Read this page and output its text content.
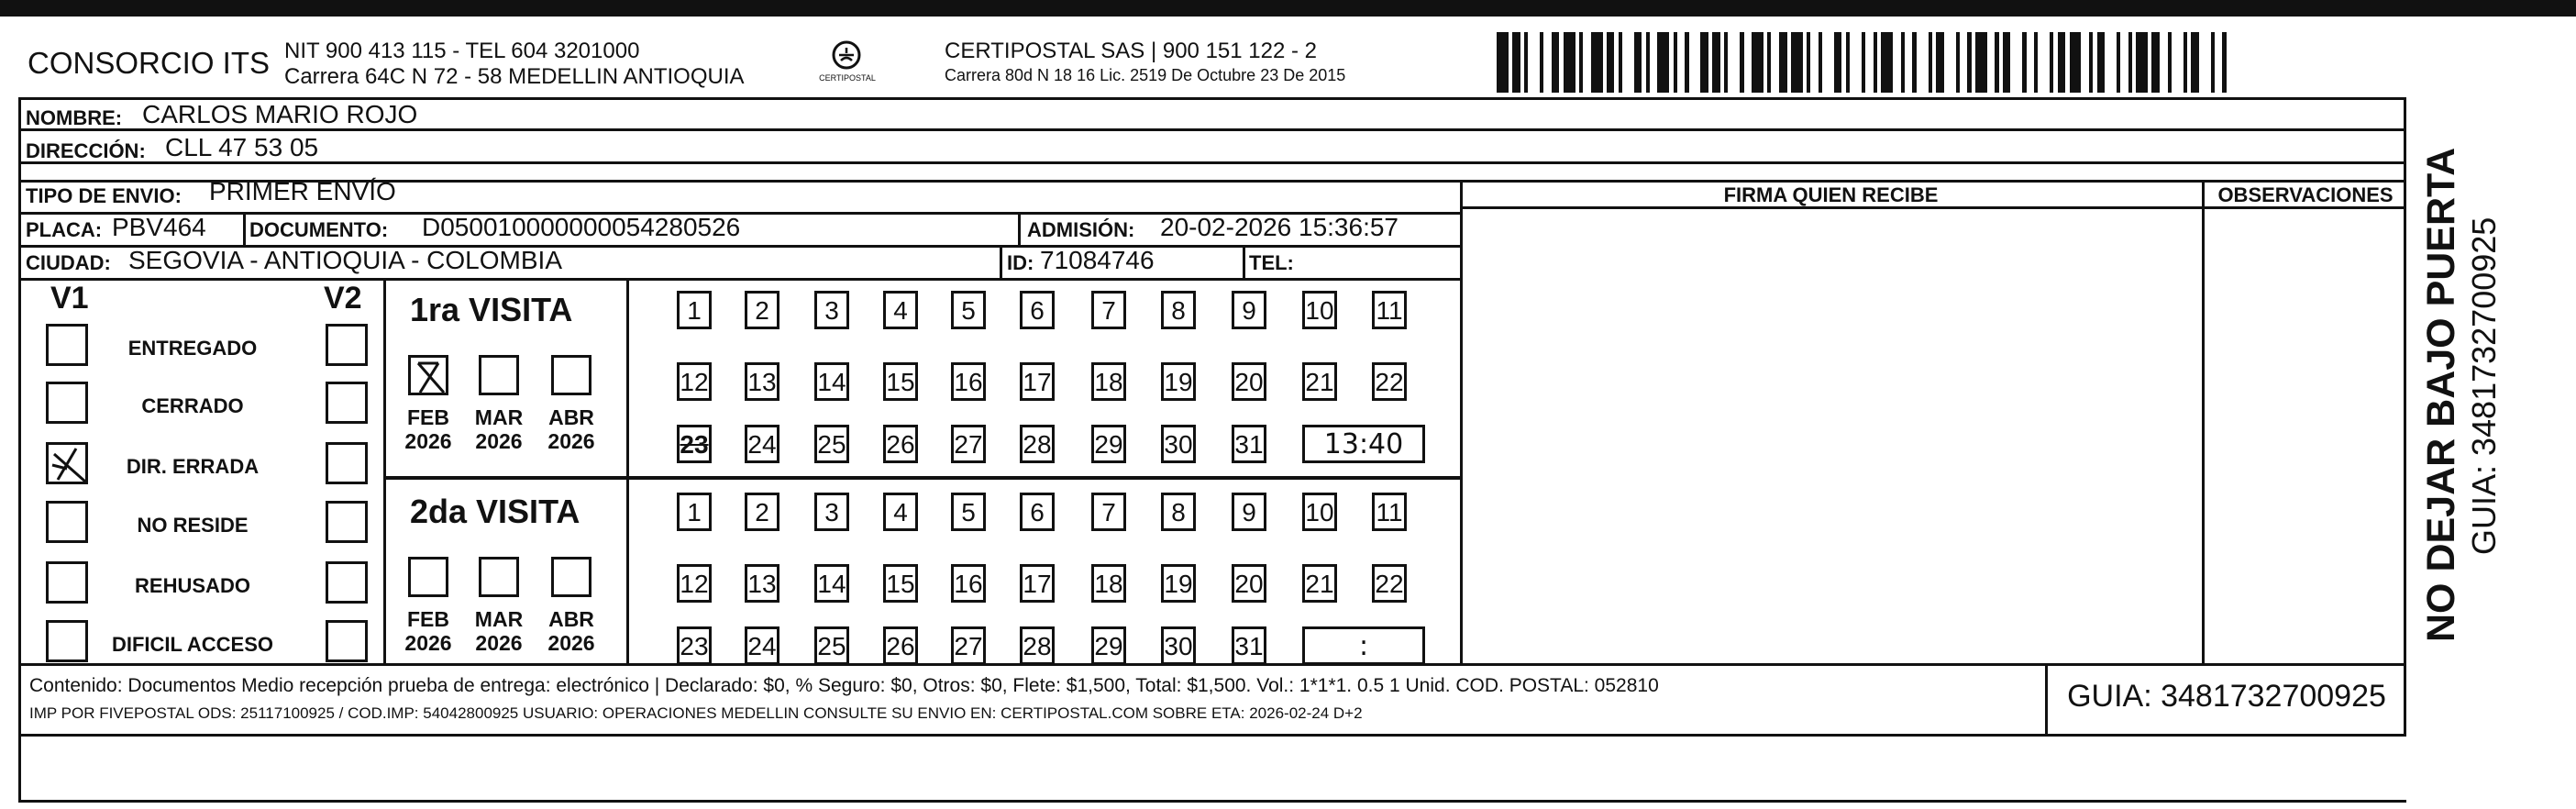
CONSORCIO ITS NIT 900 413 115 - TEL 604 3201000
Carrera 64C N 72 - 58 MEDELLIN ANTIOQUIA	CERTIPOSTAL
CERTIPOSTAL SAS | 900 151 122 - 2
Carrera 80d N 18 16 Lic. 2519 De Octubre 23 De 2015
NOMBRE: CARLOS MARIO ROJO
DIRECCIÓN: CLL 47 53 05
TIPO DE ENVIO: PRIMER ENVÍO
PLACA: PBV464 DOCUMENTO: D050010000000054280526	ADMISIÓN: 20-02-2026 15:36:57
CIUDAD: SEGOVIA - ANTIOQUIA - COLOMBIA	ID: 71084746	TEL:
FIRMA QUIEN RECIBE	OBSERVACIONES
V1	V2
ENTREGADO
CERRADO
DIR. ERRADA
NO RESIDE
REHUSADO
DIFICIL ACCESO
1ra VISITA
FEB
2026
MAR
2026
ABR
2026
1	2	3	4	5	6	7	8	9	10 11
12 13 14 15 16 17 18 19 20 21 22
23 24 25 26 27 28 29 30 31	13:40
2da VISITA
FEB
2026
MAR
2026
ABR
2026
1	2	3	4	5	6	7	8	9	10 11
12 13 14 15 16 17 18 19 20 21 22
23 24 25 26 27 28 29 30 31	:
Contenido: Documentos Medio recepción prueba de entrega: electrónico | Declarado: $0, % Seguro: $0, Otros: $0, Flete: $1,500, Total: $1,500. Vol.: 1*1*1. 0.5 1 Unid. COD. POSTAL: 052810
IMP POR FIVEPOSTAL ODS: 25117100925 / COD.IMP: 54042800925 USUARIO: OPERACIONES MEDELLIN CONSULTE SU ENVIO EN: CERTIPOSTAL.COM SOBRE ETA: 2026-02-24 D+2	GUIA: 3481732700925
NO DEJAR BAJO PUERTA GUIA: 3481732700925
